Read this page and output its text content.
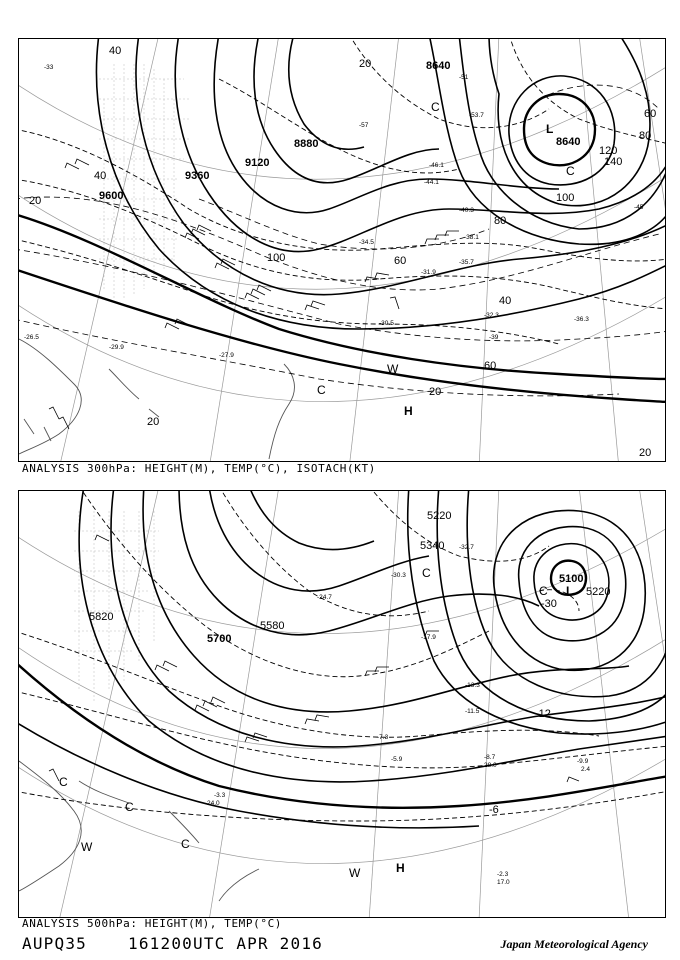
8640
8880
9120
9360
9600
8640
20
40
40
60
60
80
100
100
120
140
40
20
20
20
60
80
20
-33
-39
-45
-51
-57
-30.5
-31.9
-34.5
-35.7
-38.1
-40.3
-44.1
-46.1
-53.7
-27.9
-29.9
-26.5
-32.3
-36.3
L
H
C
C
C
W
ANALYSIS 300hPa: HEIGHT(M), TEMP(°C), ISOTACH(KT)
5100
5220
5340
5580
5700
5820
5220
-30
-12
-6
-30.3
-32.7
-24.7
-17.9
-11.5
-13.3
-9.9
-8.7
-7.3
-5.9
-3.3
-2.3
17.0
24.0
28.0
2.4
L
H
C
C
C
C
C
W
W
ANALYSIS 500hPa: HEIGHT(M), TEMP(°C)
AUPQ35	161200UTC APR 2016	Japan Meteorological Agency
